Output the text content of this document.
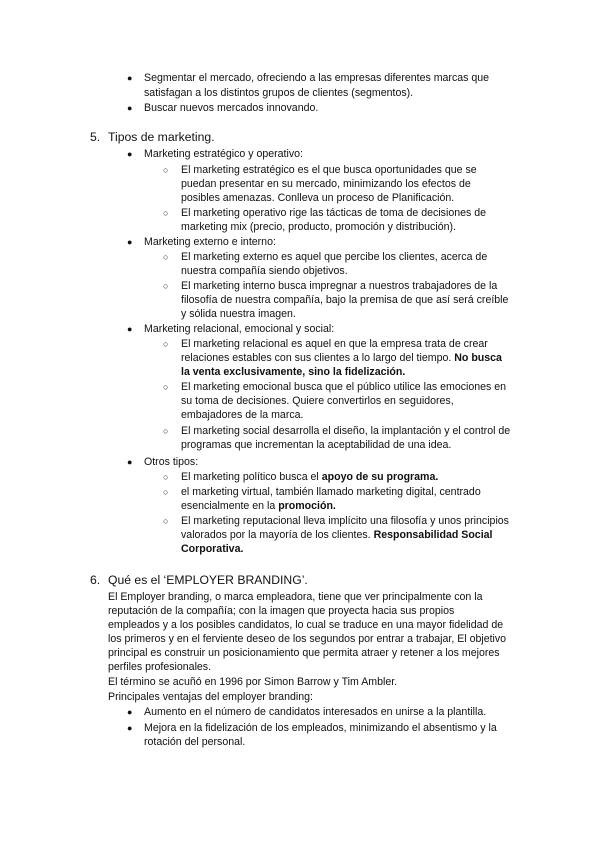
● Segmentar el mercado, ofreciendo a las empresas diferentes marcas que
satisfagan a los distintos grupos de clientes (segmentos).
● Buscar nuevos mercados innovando.
5. Tipos de marketing.
● Marketing estratégico y operativo:
○ El marketing estratégico es el que busca oportunidades que se
puedan presentar en su mercado, minimizando los efectos de
posibles amenazas. Conlleva un proceso de Planificación.
○ El marketing operativo rige las tácticas de toma de decisiones de
marketing mix (precio, producto, promoción y distribución).
● Marketing externo e interno:
○ El marketing externo es aquel que percibe los clientes, acerca de
nuestra compañía siendo objetivos.
○ El marketing interno busca impregnar a nuestros trabajadores de la
filosofía de nuestra compañía, bajo la premisa de que así será creíble
y sólida nuestra imagen.
● Marketing relacional, emocional y social:
○ El marketing relacional es aquel en que la empresa trata de crear
relaciones estables con sus clientes a lo largo del tiempo. No busca
la venta exclusivamente, sino la fidelización.
○ El marketing emocional busca que el público utilice las emociones en
su toma de decisiones. Quiere convertirlos en seguidores,
embajadores de la marca.
○ El marketing social desarrolla el diseño, la implantación y el control de
programas que incrementan la aceptabilidad de una idea.
● Otros tipos:
○ El marketing político busca el apoyo de su programa.
○ el marketing virtual, también llamado marketing digital, centrado
esencialmente en la promoción.
○ El marketing reputacional lleva implícito una filosofía y unos principios
valorados por la mayoría de los clientes. Responsabilidad Social
Corporativa.
6. Qué es el ‘EMPLOYER BRANDING’.
El Employer branding, o marca empleadora, tiene que ver principalmente con la
reputación de la compañía; con la imagen que proyecta hacia sus propios
empleados y a los posibles candidatos, lo cual se traduce en una mayor fidelidad de
los primeros y en el ferviente deseo de los segundos por entrar a trabajar, El objetivo
principal es construir un posicionamiento que permita atraer y retener a los mejores
perfiles profesionales.
El término se acuñó en 1996 por Simon Barrow y Tim Ambler.
Principales ventajas del employer branding:
● Aumento en el número de candidatos interesados en unirse a la plantilla.
● Mejora en la fidelización de los empleados, minimizando el absentismo y la
rotación del personal.
